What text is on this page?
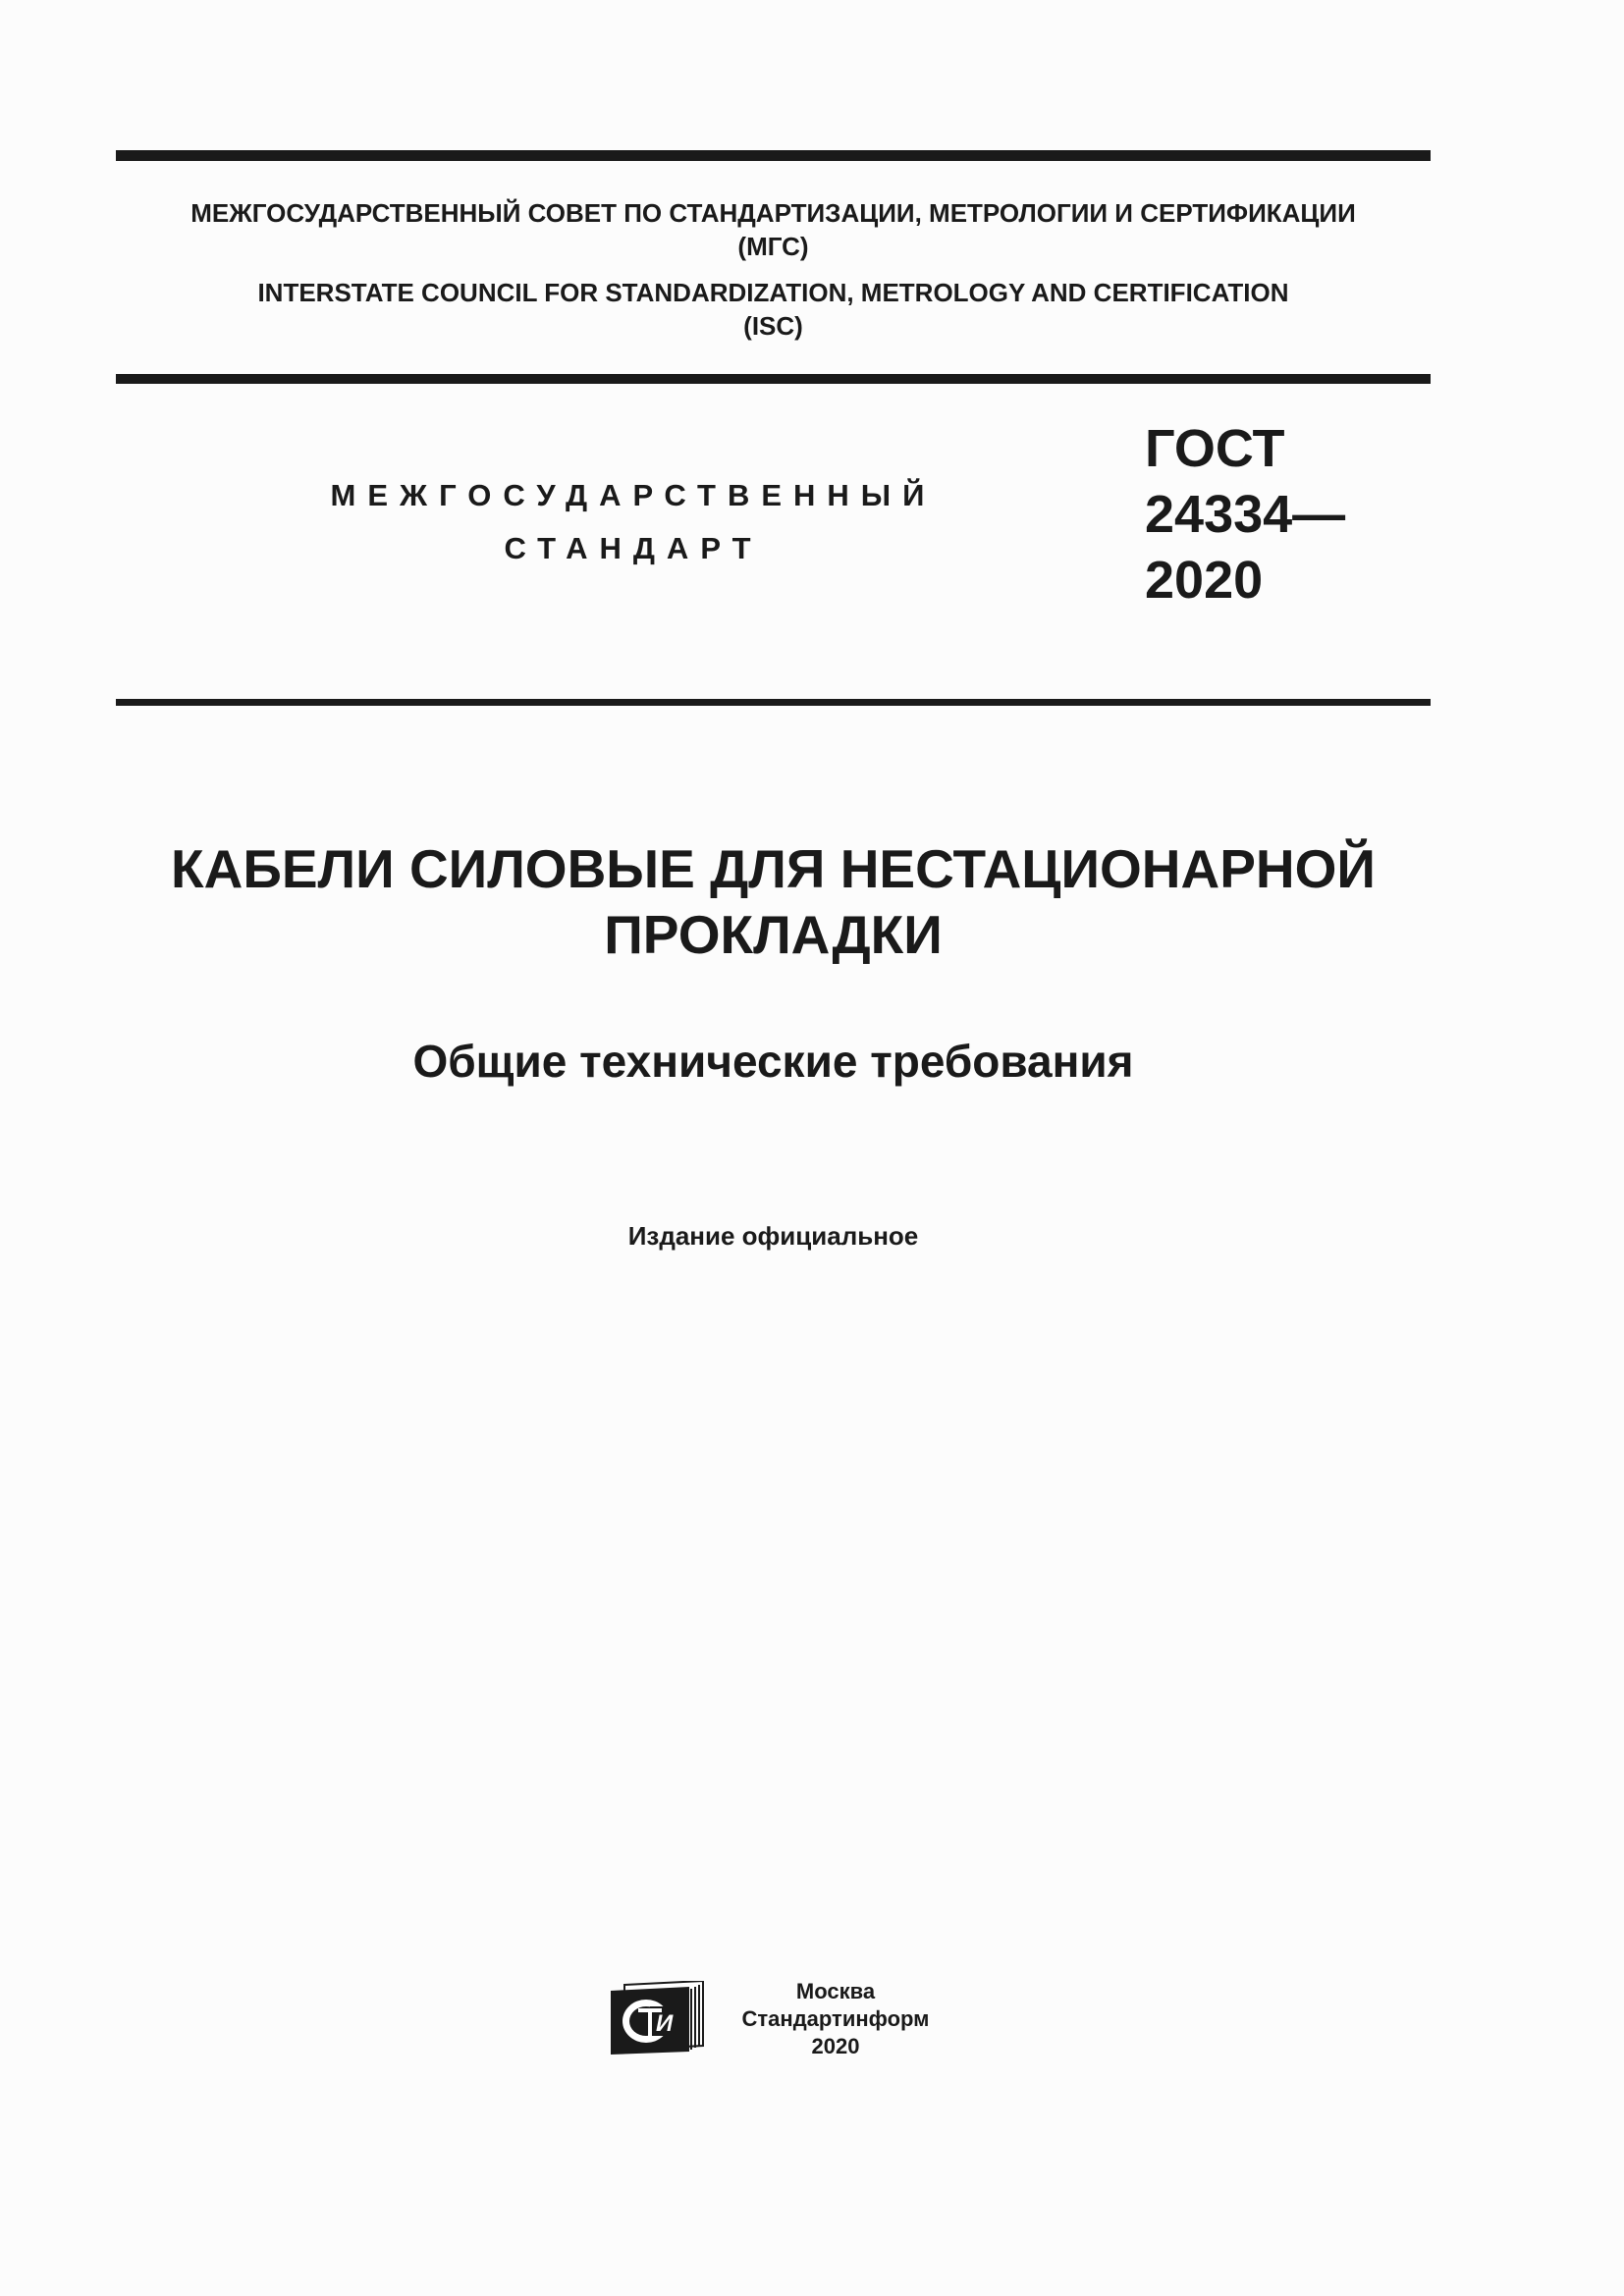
МЕЖГОСУДАРСТВЕННЫЙ СОВЕТ ПО СТАНДАРТИЗАЦИИ, МЕТРОЛОГИИ И СЕРТИФИКАЦИИ
(МГС)
INTERSTATE COUNCIL FOR STANDARDIZATION, METROLOGY AND CERTIFICATION
(ISC)
МЕЖГОСУДАРСТВЕННЫЙ
СТАНДАРТ
ГОСТ
24334—
2020
КАБЕЛИ СИЛОВЫЕ ДЛЯ НЕСТАЦИОНАРНОЙ
ПРОКЛАДКИ
Общие технические требования
Издание официальное
И
Москва
Стандартинформ
2020
